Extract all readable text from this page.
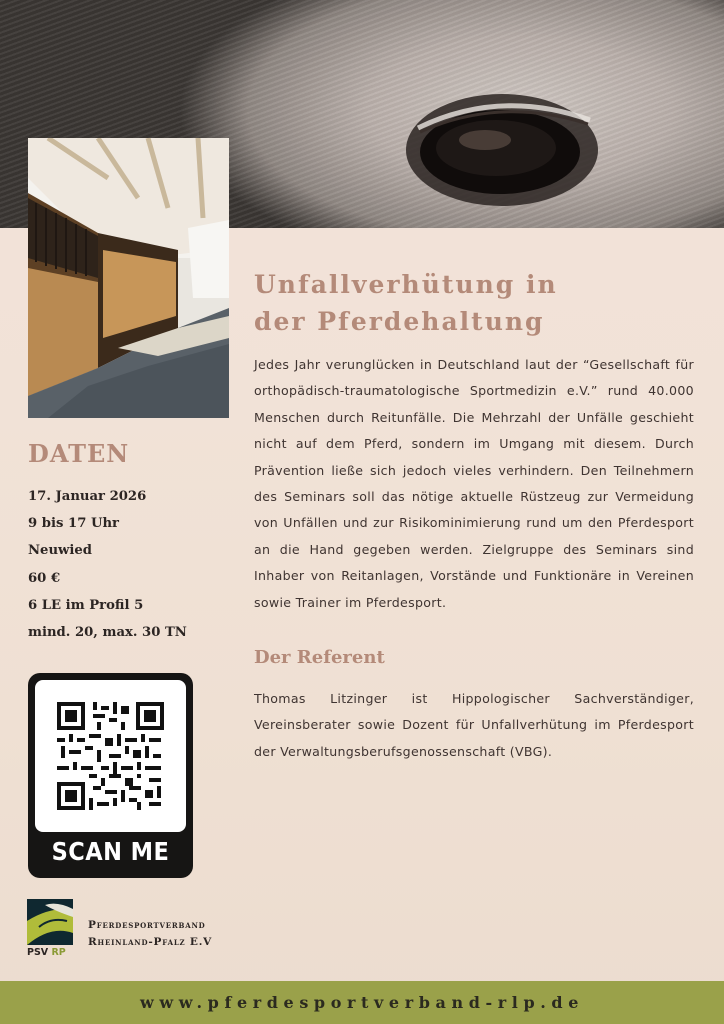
Unfallverhütung in
der Pferdehaltung

Jedes Jahr verunglücken in Deutschland laut der “Gesellschaft für orthopädisch-traumatologische Sportmedizin e.V.” rund 40.000 Menschen durch Reitunfälle. Die Mehrzahl der Unfälle geschieht nicht auf dem Pferd, sondern im Umgang mit diesem. Durch Prävention ließe sich jedoch vieles verhindern. Den Teilnehmern des Seminars soll das nötige aktuelle Rüstzeug zur Vermeidung von Unfällen und zur Risikominimierung rund um den Pferdesport an die Hand gegeben werden. Zielgruppe des Seminars sind Inhaber von Reitanlagen, Vorstände und Funktionäre in Vereinen sowie Trainer im Pferdesport.

Der Referent

Thomas Litzinger ist Hippologischer Sachverständiger, Vereinsberater sowie Dozent für Unfallverhütung im Pferdesport der Verwaltungsberufsgenossenschaft (VBG).

DATEN
17. Januar 2026
9 bis 17 Uhr
Neuwied
60 €
6 LE im Profil 5
mind. 20, max. 30 TN
SCAN ME
PSV RP

Pferdesportverband
Rheinland-Pfalz E.V

www.pferdesportverband-rlp.de
